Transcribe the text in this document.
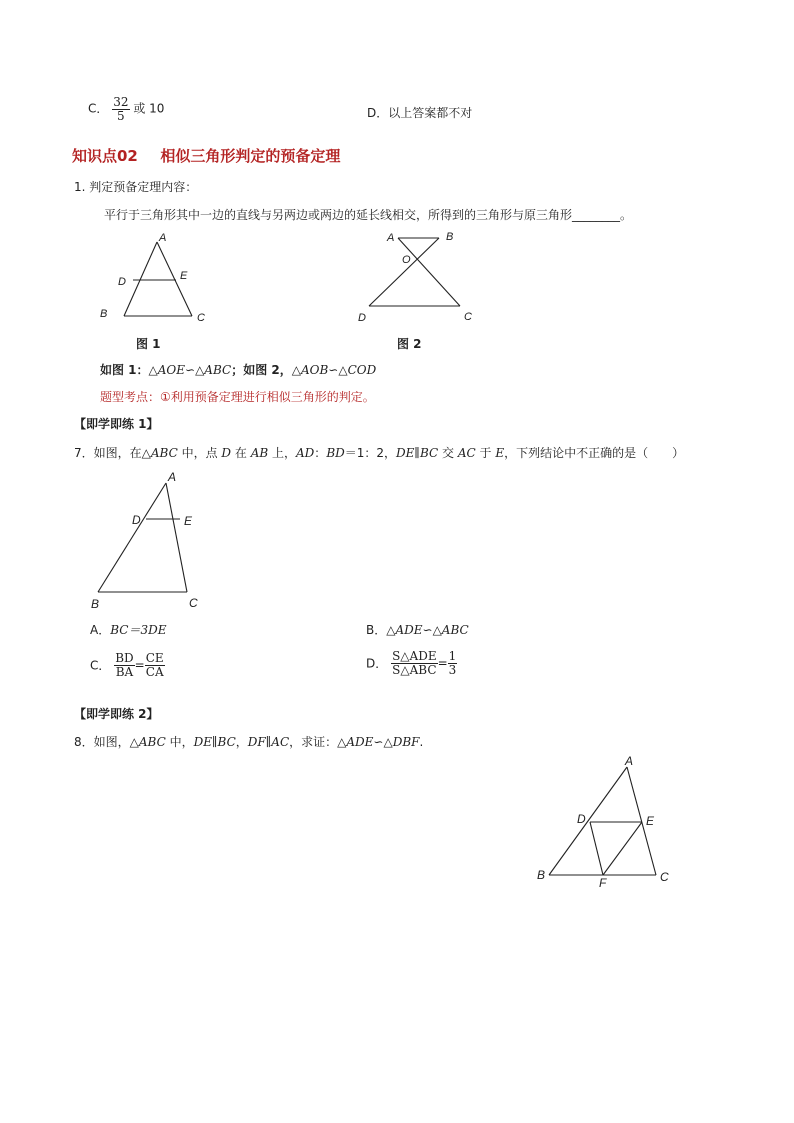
C． $\frac{32}{5}$ 或 10	D．以上答案都不对
知识点02 相似三角形判定的预备定理
1. 判定预备定理内容：
平行于三角形其中一边的直线与另两边或两边的延长线相交，所得到的三角形与原三角形________。
A
D	E
B	C
图 1
A	B
O
D	C
图 2
如图 1：△AOE∽△ABC；如图 2，△AOB∽△COD
题型考点：①利用预备定理进行相似三角形的判定。
【即学即练 1】
7．如图，在△ABC 中，点 D 在 AB 上，AD：BD＝1：2，DE∥BC 交 AC 于 E，下列结论中不正确的是（　　）
A
D	E
B	C
A．BC＝3DE	B．△ADE∽△ABC
C． $\frac{BD}{BA} = \frac{CE}{CA}$	D． $\frac{\text{S△ADE}}{\text{S△ABC}} = \frac{1}{3}$
【即学即练 2】
8．如图，△ABC 中，DE∥BC，DF∥AC，求证：△ADE∽△DBF.
A
D	E
B
F	C
